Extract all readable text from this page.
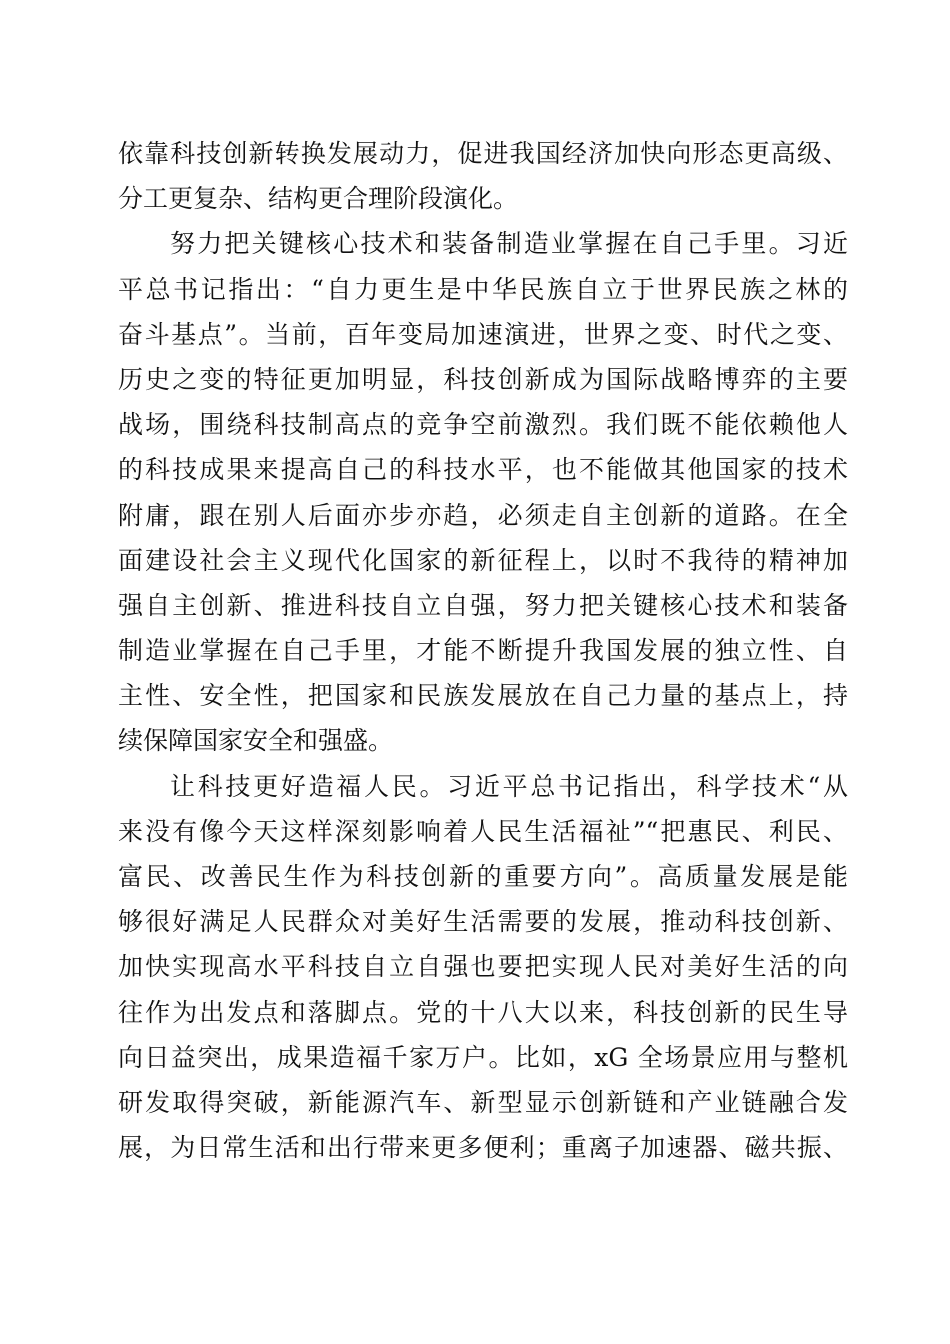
依靠科技创新转换发展动力，促进我国经济加快向形态更高级、
分工更复杂、结构更合理阶段演化。
努力把关键核心技术和装备制造业掌握在自己手里。习近
平总书记指出：“自力更生是中华民族自立于世界民族之林的
奋斗基点”。当前，百年变局加速演进，世界之变、时代之变、
历史之变的特征更加明显，科技创新成为国际战略博弈的主要
战场，围绕科技制高点的竞争空前激烈。我们既不能依赖他人
的科技成果来提高自己的科技水平，也不能做其他国家的技术
附庸，跟在别人后面亦步亦趋，必须走自主创新的道路。在全
面建设社会主义现代化国家的新征程上，以时不我待的精神加
强自主创新、推进科技自立自强，努力把关键核心技术和装备
制造业掌握在自己手里，才能不断提升我国发展的独立性、自
主性、安全性，把国家和民族发展放在自己力量的基点上，持
续保障国家安全和强盛。
让科技更好造福人民。习近平总书记指出，科学技术“从
来没有像今天这样深刻影响着人民生活福祉”“把惠民、利民、
富民、改善民生作为科技创新的重要方向”。高质量发展是能
够很好满足人民群众对美好生活需要的发展，推动科技创新、
加快实现高水平科技自立自强也要把实现人民对美好生活的向
往作为出发点和落脚点。党的十八大以来，科技创新的民生导
向日益突出，成果造福千家万户。比如，xG 全场景应用与整机
研发取得突破，新能源汽车、新型显示创新链和产业链融合发
展，为日常生活和出行带来更多便利；重离子加速器、磁共振、
